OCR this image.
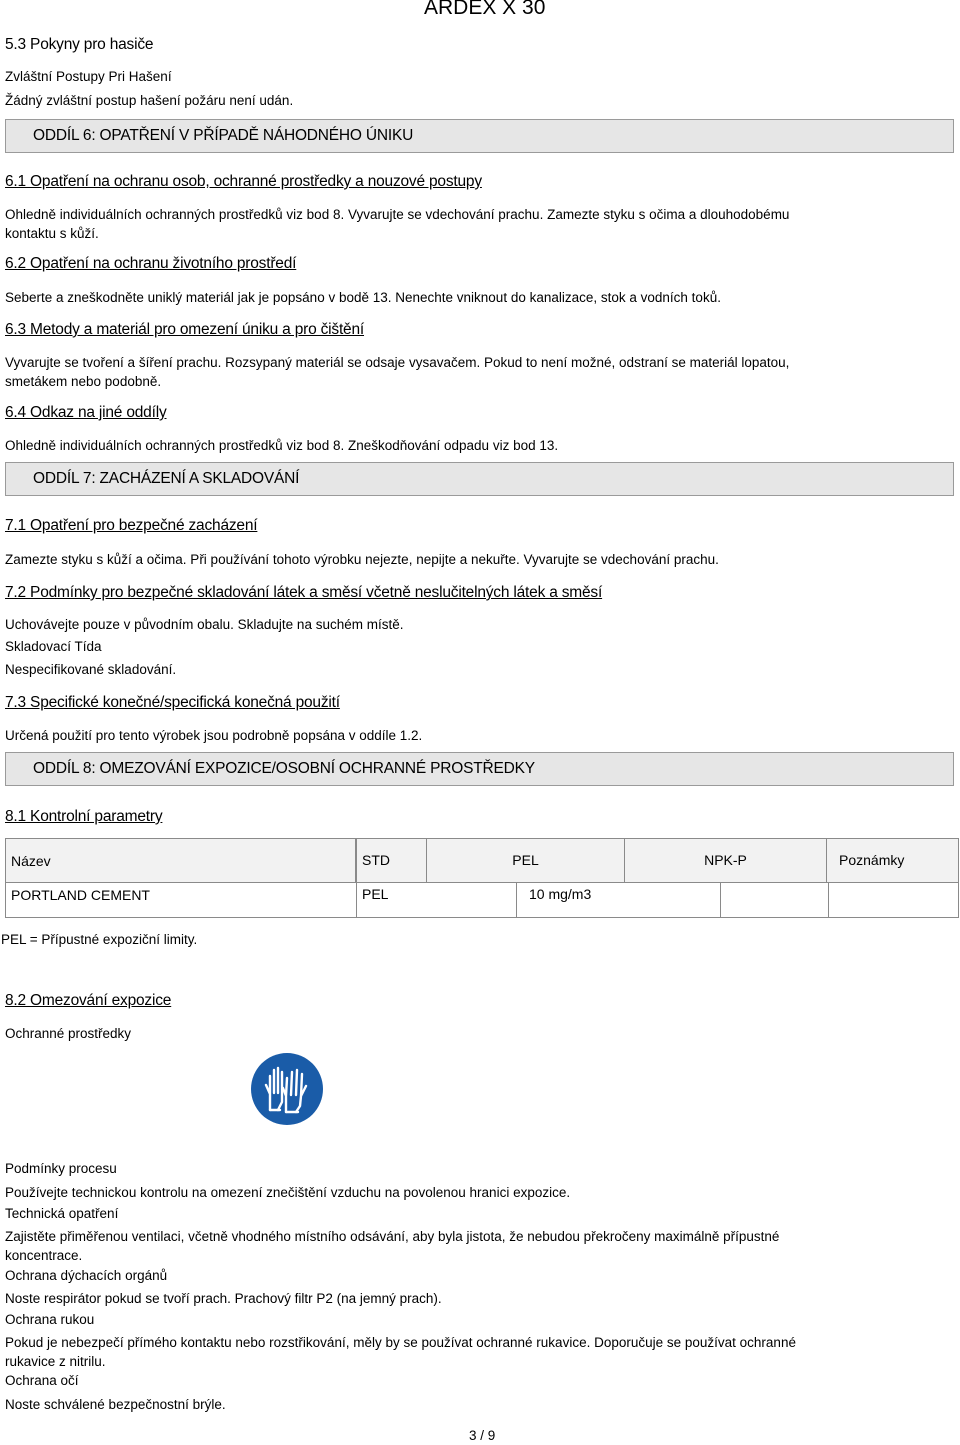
ARDEX X 30
5.3 Pokyny pro hasiče
Zvláštní Postupy Pri Hašení
Žádný zvláštní postup hašení požáru není udán.
ODDÍL 6: OPATŘENÍ V PŘÍPADĚ NÁHODNÉHO ÚNIKU
6.1 Opatření na ochranu osob, ochranné prostředky a nouzové postupy
Ohledně individuálních ochranných prostředků viz bod 8. Vyvarujte se vdechování prachu. Zamezte styku s očima a dlouhodobému
kontaktu s kůží.
6.2 Opatření na ochranu životního prostředí
Seberte a zneškodněte uniklý materiál jak je popsáno v bodě 13. Nenechte vniknout do kanalizace, stok a vodních toků.
6.3 Metody a materiál pro omezení úniku a pro čištění
Vyvarujte se tvoření a šíření prachu. Rozsypaný materiál se odsaje vysavačem. Pokud to není možné, odstraní se materiál lopatou,
smetákem nebo podobně.
6.4 Odkaz na jiné oddíly
Ohledně individuálních ochranných prostředků viz bod 8. Zneškodňování odpadu viz bod 13.
ODDÍL 7: ZACHÁZENÍ A SKLADOVÁNÍ
7.1 Opatření pro bezpečné zacházení
Zamezte styku s kůží a očima. Při používání tohoto výrobku nejezte, nepijte a nekuřte. Vyvarujte se vdechování prachu.
7.2 Podmínky pro bezpečné skladování látek a směsí včetně neslučitelných látek a směsí
Uchovávejte pouze v původním obalu. Skladujte na suchém místě.
Skladovací Tída
Nespecifikované skladování.
7.3 Specifické konečné/specifická konečná použití
Určená použití pro tento výrobek jsou podrobně popsána v oddíle 1.2.
ODDÍL 8: OMEZOVÁNÍ EXPOZICE/OSOBNÍ OCHRANNÉ PROSTŘEDKY
8.1 Kontrolní parametry
Název	STD	PEL	NPK-P	Poznámky
PORTLAND CEMENT	PEL	10 mg/m3
PEL = Přípustné expoziční limity.
8.2 Omezování expozice
Ochranné prostředky
Podmínky procesu
Používejte technickou kontrolu na omezení znečištění vzduchu na povolenou hranici expozice.
Technická opatření
Zajistěte přiměřenou ventilaci, včetně vhodného místního odsávání, aby byla jistota, že nebudou překročeny maximálně přípustné
koncentrace.
Ochrana dýchacích orgánů
Noste respirátor pokud se tvoří prach. Prachový filtr P2 (na jemný prach).
Ochrana rukou
Pokud je nebezpečí přímého kontaktu nebo rozstřikování, měly by se používat ochranné rukavice. Doporučuje se používat ochranné
rukavice z nitrilu.
Ochrana očí
Noste schválené bezpečnostní brýle.
3 / 9
